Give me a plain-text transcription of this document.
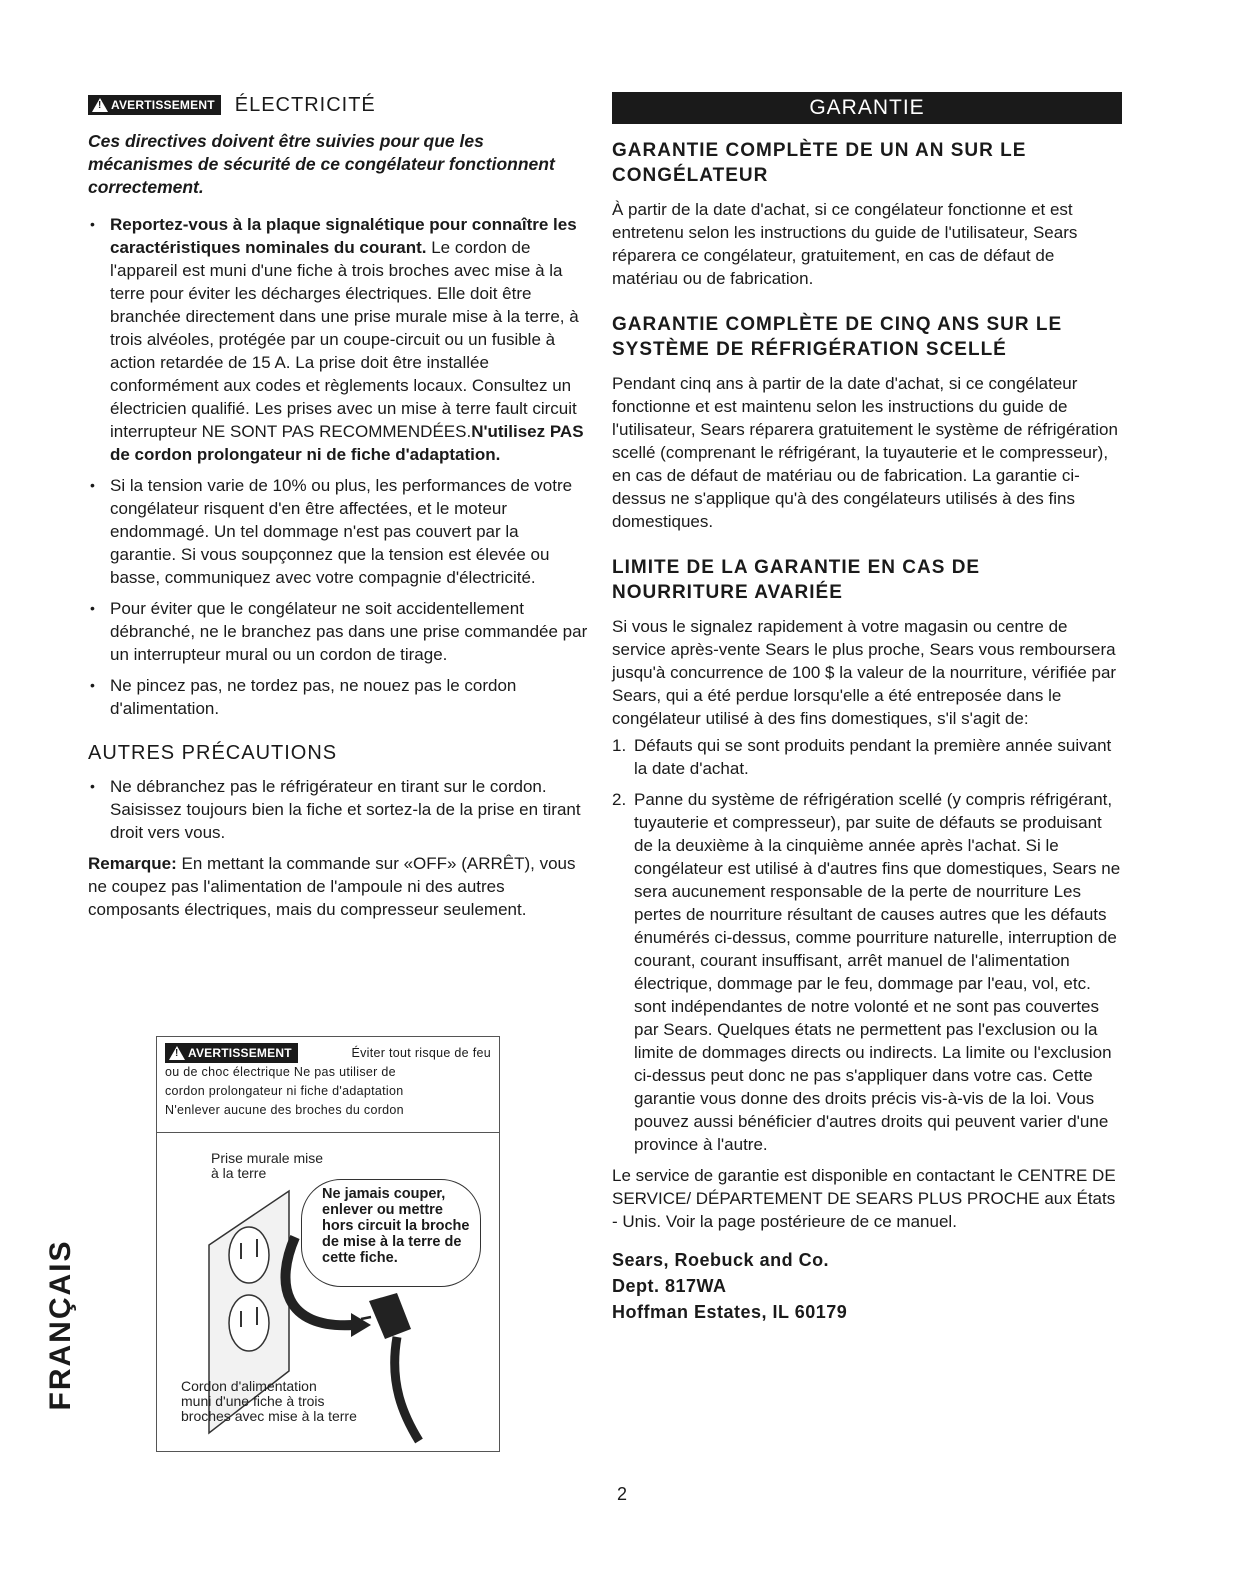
! AVERTISSEMENT ÉLECTRICITÉ
Ces directives doivent être suivies pour que les mécanismes de sécurité de ce congélateur fonctionnent correctement.
• Reportez-vous à la plaque signalétique pour connaître les caractéristiques nominales du courant. Le cordon de l'appareil est muni d'une fiche à trois broches avec mise à la terre pour éviter les décharges électriques. Elle doit être branchée directement dans une prise murale mise à la terre, à trois alvéoles, protégée par un coupe-circuit ou un fusible à action retardée de 15 A. La prise doit être installée conformément aux codes et règlements locaux. Consultez un électricien qualifié. Les prises avec un mise à terre fault circuit interrupteur NE SONT PAS RECOMMENDÉES.N'utilisez PAS de cordon prolongateur ni de fiche d'adaptation.
• Si la tension varie de 10% ou plus, les performances de votre congélateur risquent d'en être affectées, et le moteur endommagé. Un tel dommage n'est pas couvert par la garantie. Si vous soupçonnez que la tension est élevée ou basse, communiquez avec votre compagnie d'électricité.
• Pour éviter que le congélateur ne soit accidentellement débranché, ne le branchez pas dans une prise commandée par un interrupteur mural ou un cordon de tirage.
• Ne pincez pas, ne tordez pas, ne nouez pas le cordon d'alimentation.
AUTRES PRÉCAUTIONS
• Ne débranchez pas le réfrigérateur en tirant sur le cordon. Saisissez toujours bien la fiche et sortez-la de la prise en tirant droit vers vous.

Remarque: En mettant la commande sur «OFF» (ARRÊT), vous ne coupez pas l'alimentation de l'ampoule ni des autres composants électriques, mais du compresseur seulement.

! AVERTISSEMENT	Éviter tout risque de feu
ou de choc électrique Ne pas utiliser de
cordon prolongateur ni fiche d'adaptation
N'enlever aucune des broches du cordon
Prise murale mise
à la terre
Ne jamais couper, enlever ou mettre hors circuit la broche de mise à la terre de cette fiche.
Cordon d'alimentation
muni d'une fiche à trois
broches avec mise à la terre
GARANTIE
GARANTIE COMPLÈTE DE UN AN SUR LE CONGÉLATEUR

À partir de la date d'achat, si ce congélateur fonctionne et est entretenu selon les instructions du guide de l'utilisateur, Sears réparera ce congélateur, gratuitement, en cas de défaut de matériau ou de fabrication.

GARANTIE COMPLÈTE DE CINQ ANS SUR LE SYSTÈME DE RÉFRIGÉRATION SCELLÉ

Pendant cinq ans à partir de la date d'achat, si ce congélateur fonctionne et est maintenu selon les instructions du guide de l'utilisateur, Sears réparera gratuitement le système de réfrigération scellé (comprenant le réfrigérant, la tuyauterie et le compresseur), en cas de défaut de matériau ou de fabrication. La garantie ci-dessus ne s'applique qu'à des congélateurs utilisés à des fins domestiques.

LIMITE DE LA GARANTIE EN CAS DE NOURRITURE AVARIÉE

Si vous le signalez rapidement à votre magasin ou centre de service après-vente Sears le plus proche, Sears vous remboursera jusqu'à concurrence de 100 $ la valeur de la nourriture, vérifiée par Sears, qui a été perdue lorsqu'elle a été entreposée dans le congélateur utilisé à des fins domestiques, s'il s'agit de:

1. Défauts qui se sont produits pendant la première année suivant la date d'achat.
2. Panne du système de réfrigération scellé (y compris réfrigérant, tuyauterie et compresseur), par suite de défauts se produisant de la deuxième à la cinquième année après l'achat. Si le congélateur est utilisé à d'autres fins que domestiques, Sears ne sera aucunement responsable de la perte de nourriture Les pertes de nourriture résultant de causes autres que les défauts énumérés ci-dessus, comme pourriture naturelle, interruption de courant, courant insuffisant, arrêt manuel de l'alimentation électrique, dommage par le feu, dommage par l'eau, vol, etc. sont indépendantes de notre volonté et ne sont pas couvertes par Sears. Quelques états ne permettent pas l'exclusion ou la limite de dommages directs ou indirects. La limite ou l'exclusion ci-dessus peut donc ne pas s'appliquer dans votre cas. Cette garantie vous donne des droits précis vis-à-vis de la loi. Vous pouvez aussi bénéficier d'autres droits qui peuvent varier d'une province à l'autre.

Le service de garantie est disponible en contactant le CENTRE DE SERVICE/ DÉPARTEMENT DE SEARS PLUS PROCHE aux États - Unis. Voir la page postérieure de ce manuel.

Sears, Roebuck and Co.
Dept. 817WA
Hoffman Estates, IL 60179
FRANÇAIS
2
